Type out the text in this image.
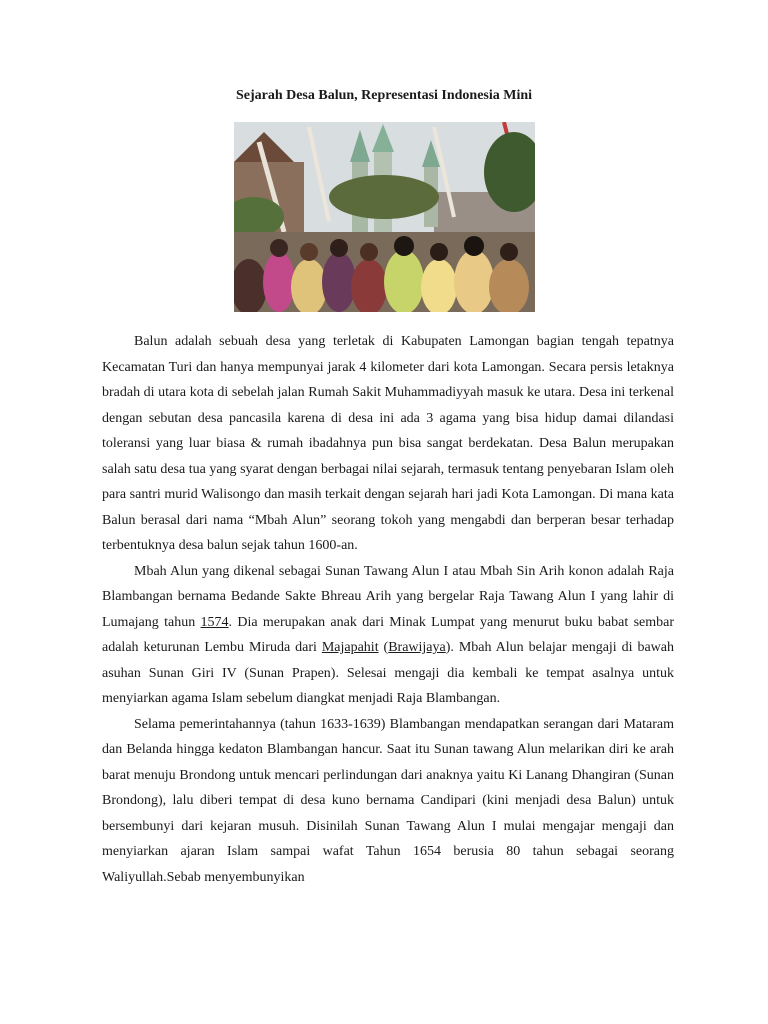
Sejarah Desa Balun, Representasi Indonesia Mini

Balun adalah sebuah desa yang terletak di Kabupaten Lamongan bagian tengah tepatnya Kecamatan Turi dan hanya mempunyai jarak 4 kilometer dari kota Lamongan. Secara persis letaknya bradah di utara kota di sebelah jalan Rumah Sakit Muhammadiyyah masuk ke utara. Desa ini terkenal dengan sebutan desa pancasila karena di desa ini ada 3 agama yang bisa hidup damai dilandasi toleransi yang luar biasa & rumah ibadahnya pun bisa sangat berdekatan. Desa Balun merupakan salah satu desa tua yang syarat dengan berbagai nilai sejarah, termasuk tentang penyebaran Islam oleh para santri murid Walisongo dan masih terkait dengan sejarah hari jadi Kota Lamongan. Di mana kata Balun berasal dari nama “Mbah Alun” seorang tokoh yang mengabdi dan berperan besar terhadap terbentuknya desa balun sejak tahun 1600-an.

Mbah Alun yang dikenal sebagai Sunan Tawang Alun I atau Mbah Sin Arih konon adalah Raja Blambangan bernama Bedande Sakte Bhreau Arih yang bergelar Raja Tawang Alun I yang lahir di Lumajang tahun 1574. Dia merupakan anak dari Minak Lumpat yang menurut buku babat sembar adalah keturunan Lembu Miruda dari Majapahit (Brawijaya). Mbah Alun belajar mengaji di bawah asuhan Sunan Giri IV (Sunan Prapen). Selesai mengaji dia kembali ke tempat asalnya untuk menyiarkan agama Islam sebelum diangkat menjadi Raja Blambangan.

Selama pemerintahannya (tahun 1633-1639) Blambangan mendapatkan serangan dari Mataram dan Belanda hingga kedaton Blambangan hancur. Saat itu Sunan tawang Alun melarikan diri ke arah barat menuju Brondong untuk mencari perlindungan dari anaknya yaitu Ki Lanang Dhangiran (Sunan Brondong), lalu diberi tempat di desa kuno bernama Candipari (kini menjadi desa Balun) untuk bersembunyi dari kejaran musuh. Disinilah Sunan Tawang Alun I mulai mengajar mengaji dan menyiarkan ajaran Islam sampai wafat Tahun 1654 berusia 80 tahun sebagai seorang Waliyullah.Sebab menyembunyikan
